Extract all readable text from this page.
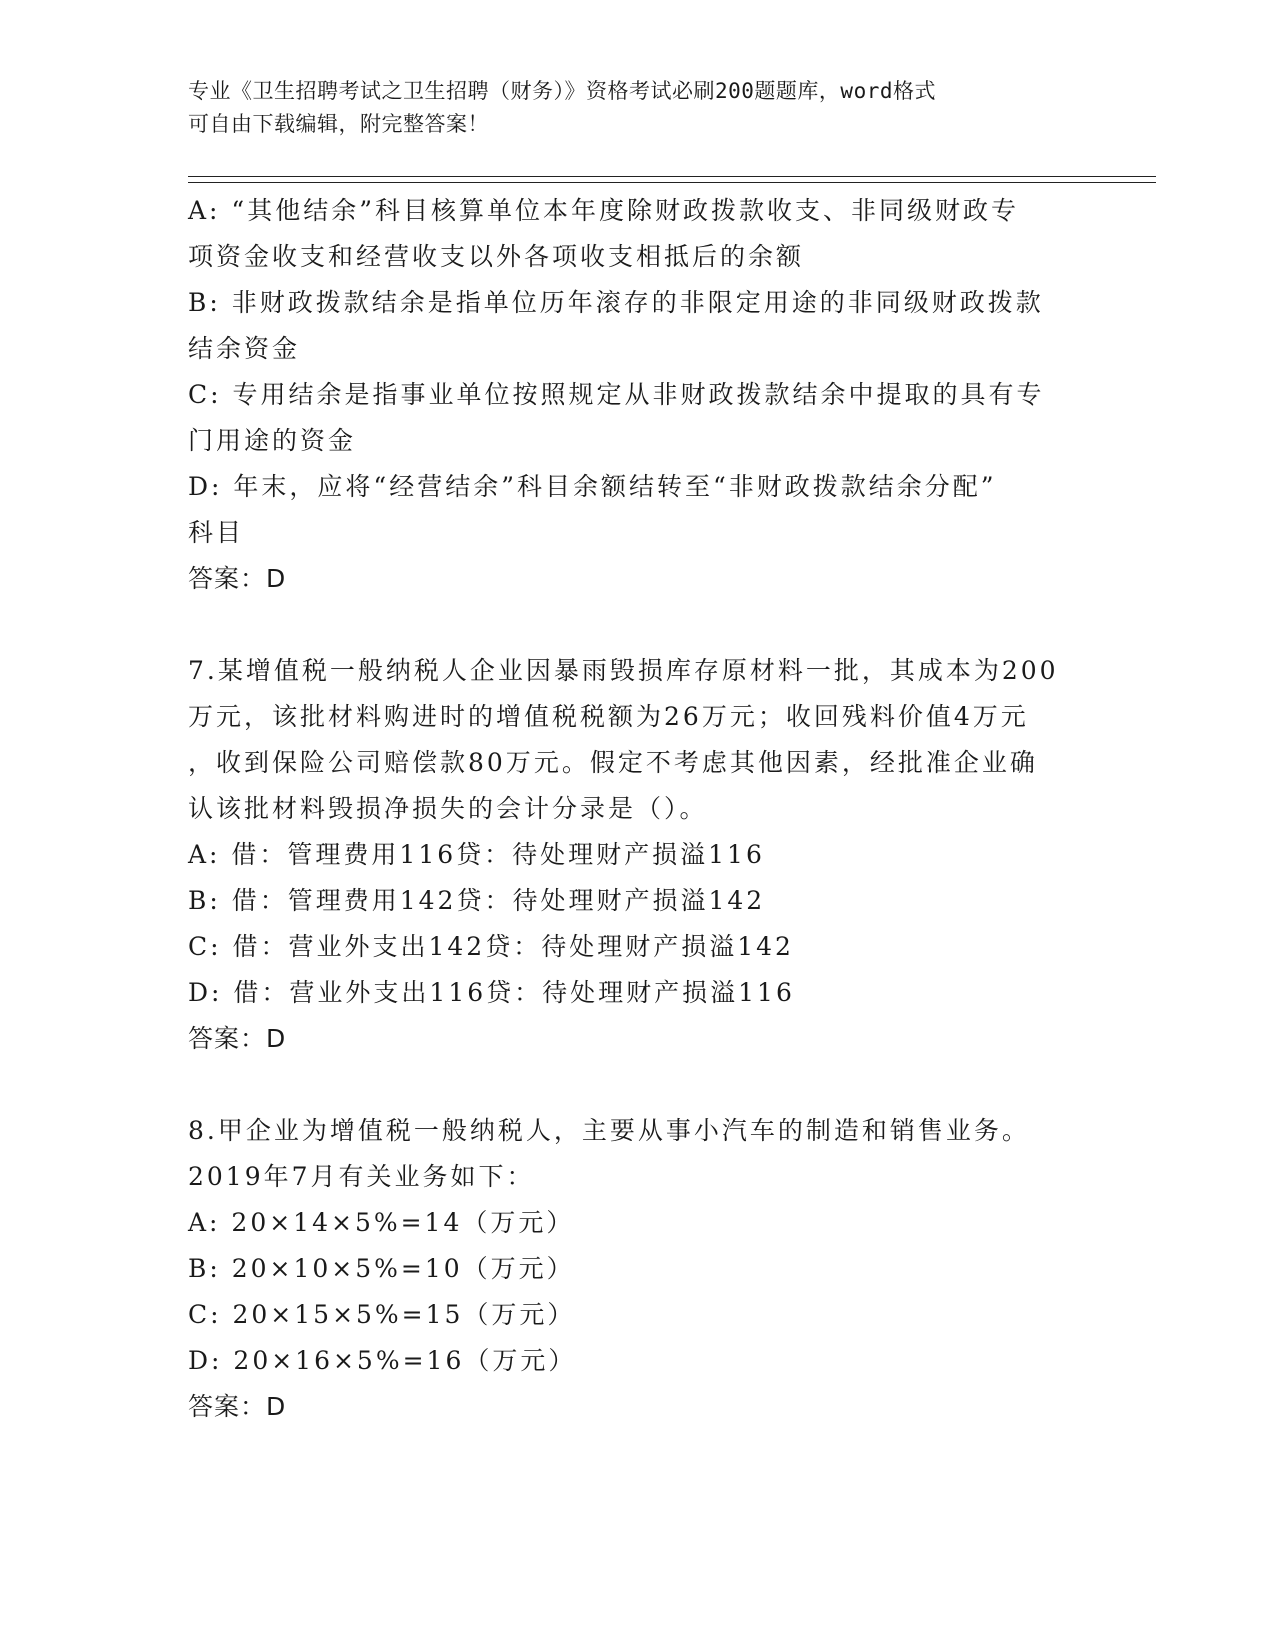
专业《卫生招聘考试之卫生招聘（财务）》资格考试必刷200题题库，word格式
可自由下载编辑，附完整答案！

A: “其他结余”科目核算单位本年度除财政拨款收支、非同级财政专

项资金收支和经营收支以外各项收支相抵后的余额

B: 非财政拨款结余是指单位历年滚存的非限定用途的非同级财政拨款

结余资金

C: 专用结余是指事业单位按照规定从非财政拨款结余中提取的具有专

门用途的资金

D: 年末，应将“经营结余”科目余额结转至“非财政拨款结余分配”

科目

答案：D

7.某增值税一般纳税人企业因暴雨毁损库存原材料一批，其成本为200

万元，该批材料购进时的增值税税额为26万元；收回残料价值4万元

，收到保险公司赔偿款80万元。假定不考虑其他因素，经批准企业确

认该批材料毁损净损失的会计分录是（）。

A: 借：管理费用116贷：待处理财产损溢116

B: 借：管理费用142贷：待处理财产损溢142

C: 借：营业外支出142贷：待处理财产损溢142

D: 借：营业外支出116贷：待处理财产损溢116

答案：D

8.甲企业为增值税一般纳税人，主要从事小汽车的制造和销售业务。

2019年7月有关业务如下：

A: 20×14×5%=14（万元）

B: 20×10×5%=10（万元）

C: 20×15×5%=15（万元）

D: 20×16×5%=16（万元）

答案：D
